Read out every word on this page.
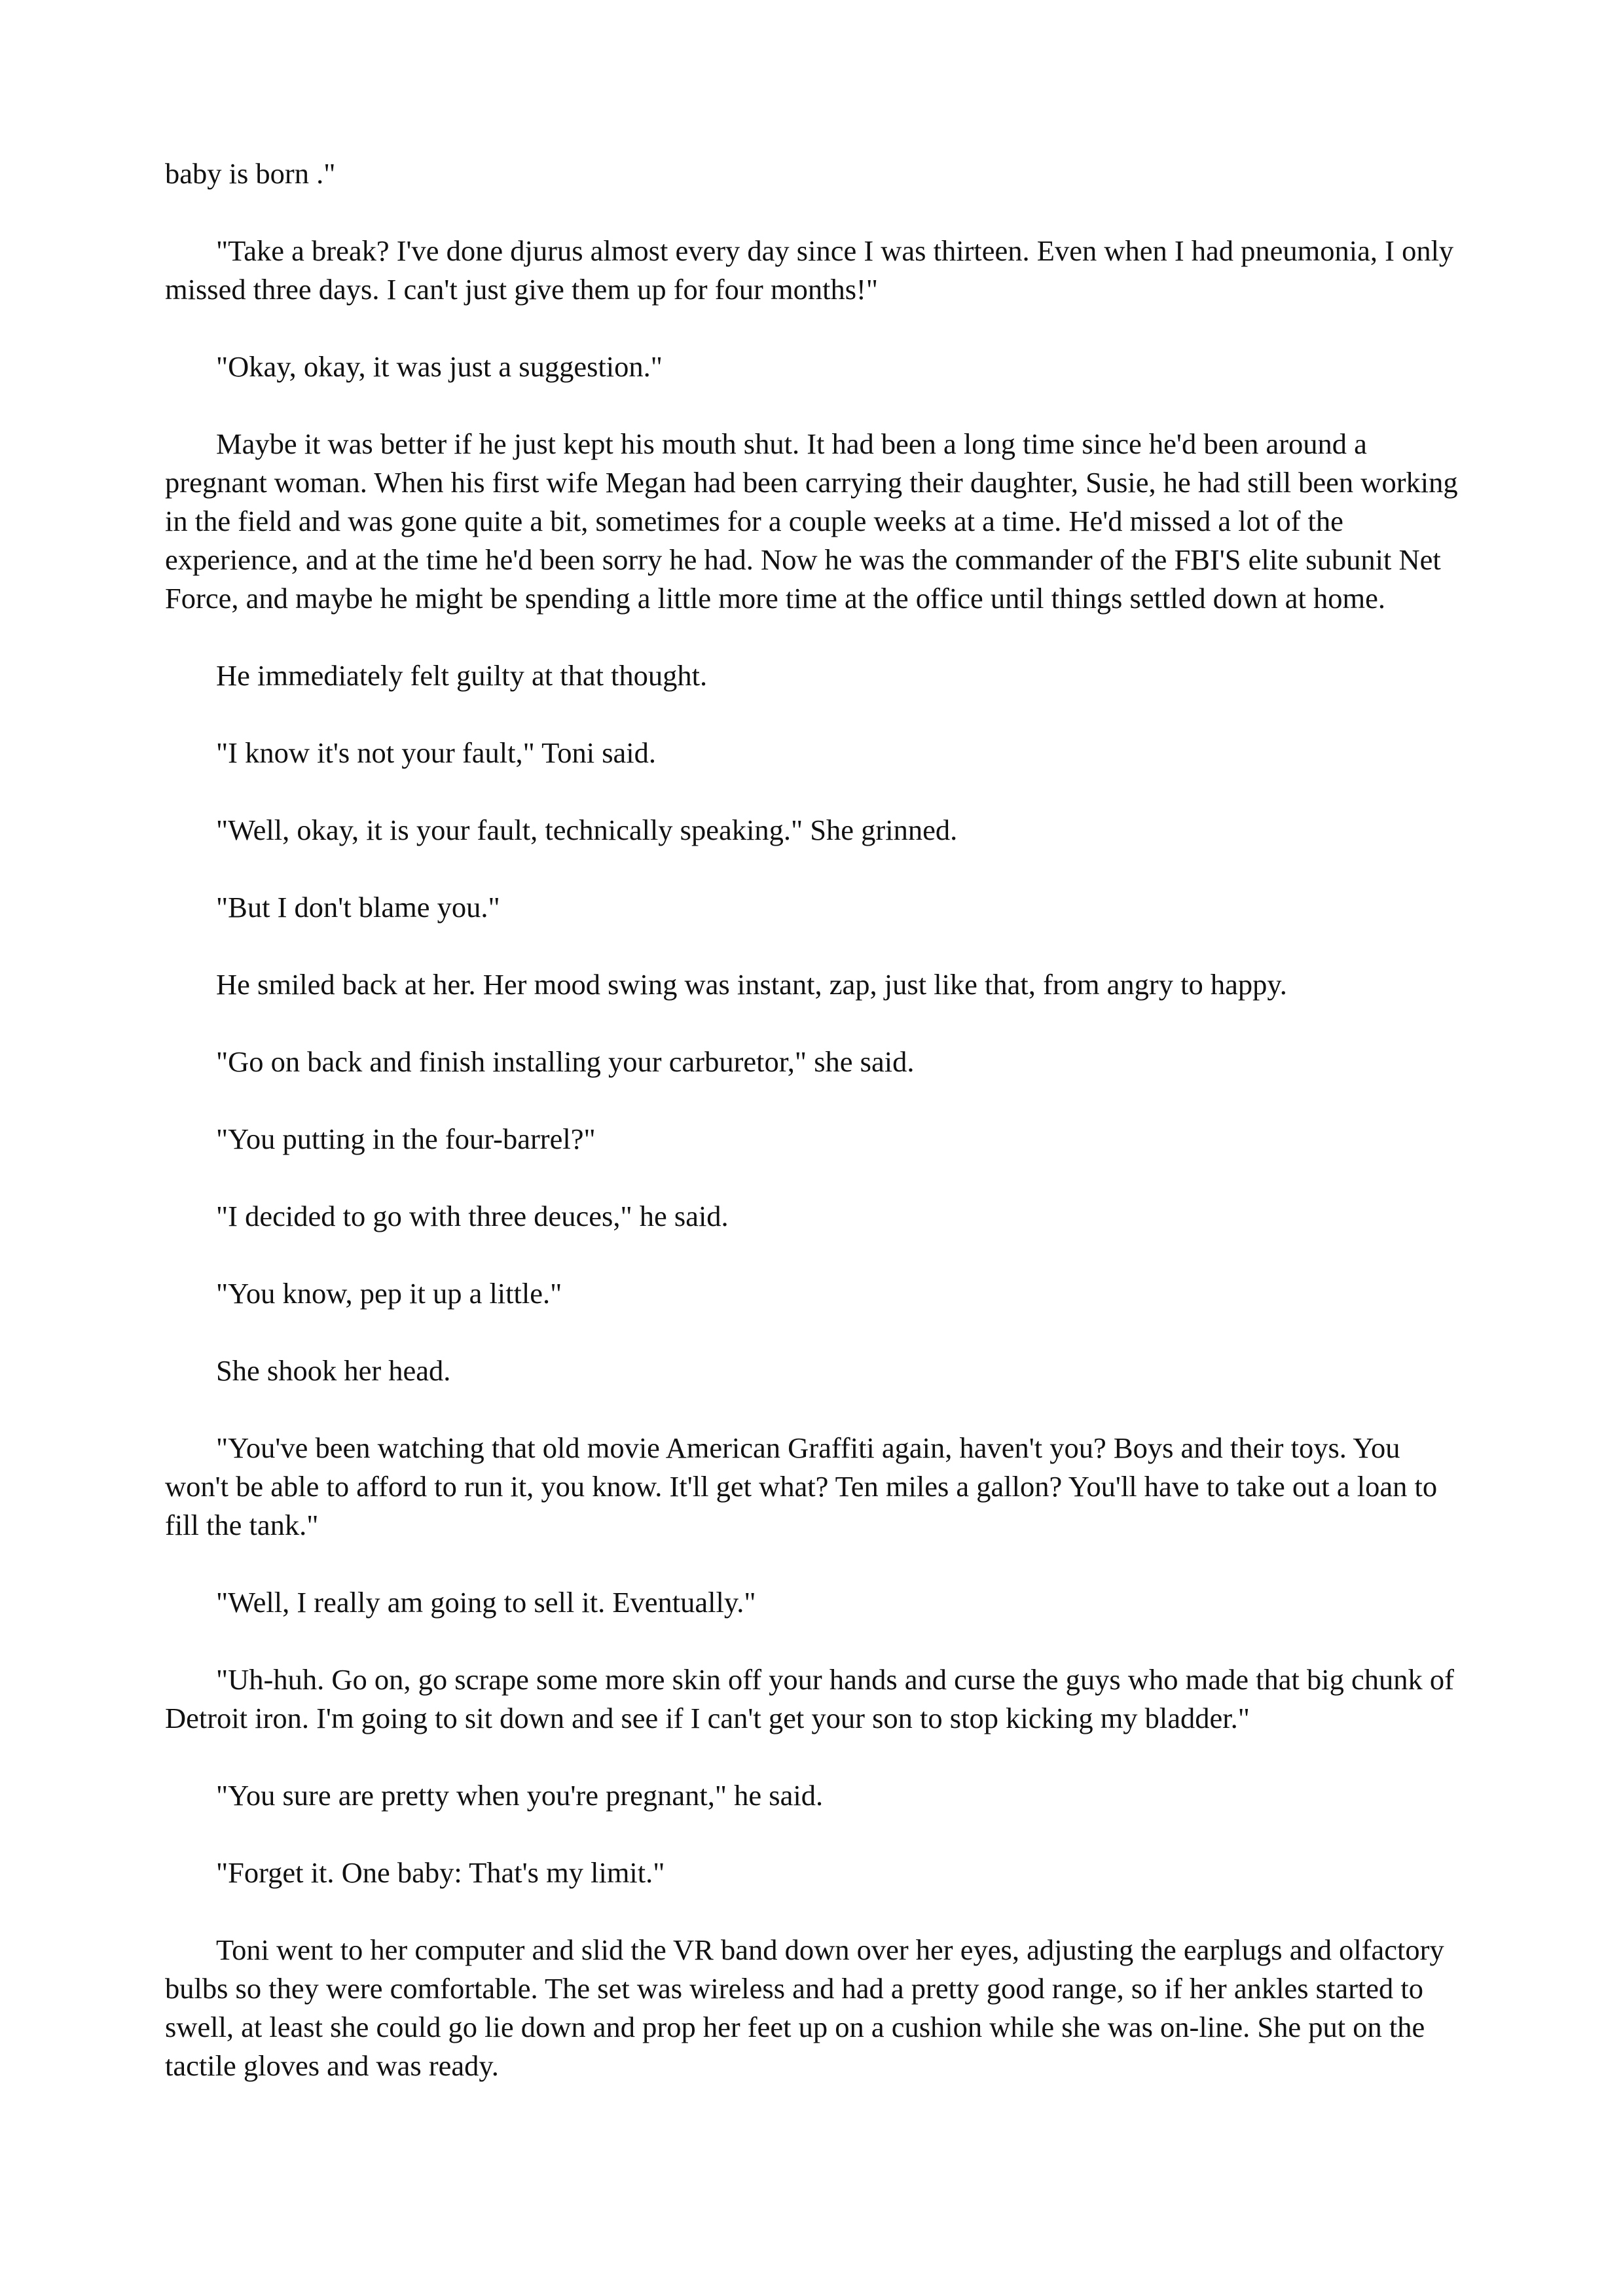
baby is born ."

"Take a break? I've done djurus almost every day since I was thirteen. Even when I had pneumonia, I only missed three days. I can't just give them up for four months!"

"Okay, okay, it was just a suggestion."

Maybe it was better if he just kept his mouth shut. It had been a long time since he'd been around a pregnant woman. When his first wife Megan had been carrying their daughter, Susie, he had still been working in the field and was gone quite a bit, sometimes for a couple weeks at a time. He'd missed a lot of the experience, and at the time he'd been sorry he had. Now he was the commander of the FBI'S elite subunit Net Force, and maybe he might be spending a little more time at the office until things settled down at home.

He immediately felt guilty at that thought.

"I know it's not your fault," Toni said.

"Well, okay, it is your fault, technically speaking." She grinned.

"But I don't blame you."

He smiled back at her. Her mood swing was instant, zap, just like that, from angry to happy.

"Go on back and finish installing your carburetor," she said.

"You putting in the four-barrel?"

"I decided to go with three deuces," he said.

"You know, pep it up a little."

She shook her head.

"You've been watching that old movie American Graffiti again, haven't you? Boys and their toys. You won't be able to afford to run it, you know. It'll get what? Ten miles a gallon? You'll have to take out a loan to fill the tank."

"Well, I really am going to sell it. Eventually."

"Uh-huh. Go on, go scrape some more skin off your hands and curse the guys who made that big chunk of Detroit iron. I'm going to sit down and see if I can't get your son to stop kicking my bladder."

"You sure are pretty when you're pregnant," he said.

"Forget it. One baby: That's my limit."

Toni went to her computer and slid the VR band down over her eyes, adjusting the earplugs and olfactory bulbs so they were comfortable. The set was wireless and had a pretty good range, so if her ankles started to swell, at least she could go lie down and prop her feet up on a cushion while she was on-line. She put on the tactile gloves and was ready.
